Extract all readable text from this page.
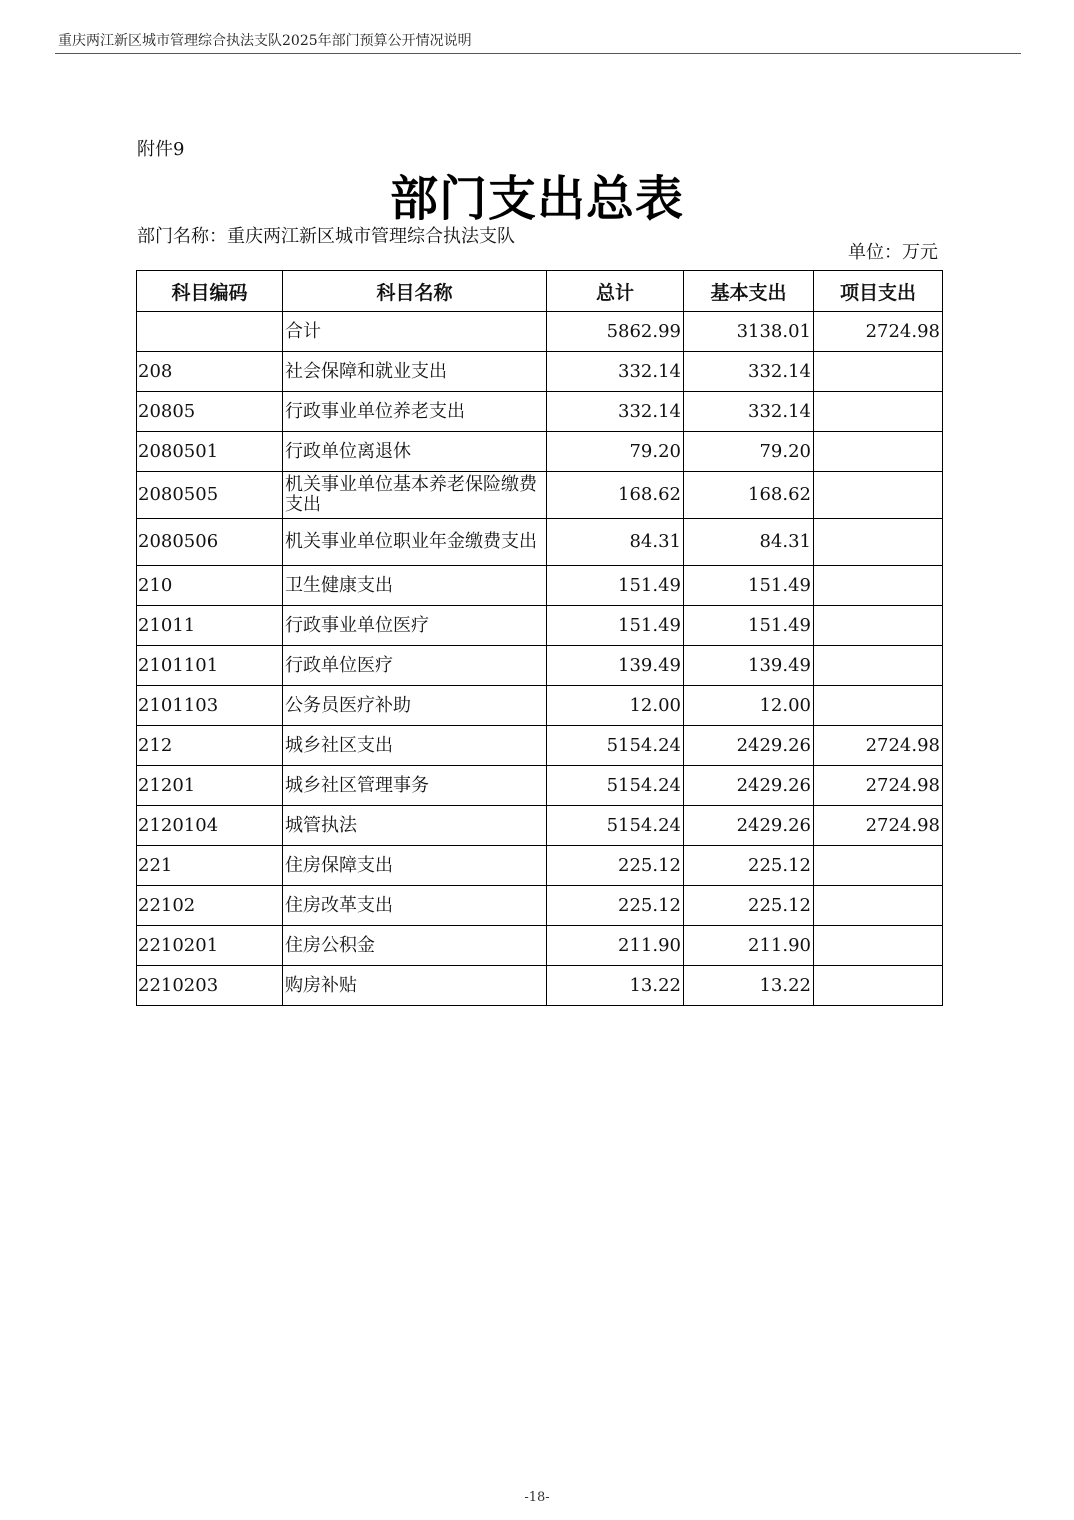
重庆两江新区城市管理综合执法支队2025年部门预算公开情况说明
附件9
部门支出总表
部门名称：重庆两江新区城市管理综合执法支队
单位：万元
科目编码	科目名称	总计	基本支出	项目支出
	合计	5862.99	3138.01	2724.98
208	社会保障和就业支出	332.14	332.14	
20805	行政事业单位养老支出	332.14	332.14	
2080501	行政单位离退休	79.20	79.20	
2080505	机关事业单位基本养老保险缴费支出	168.62	168.62	
2080506	机关事业单位职业年金缴费支出	84.31	84.31	
210	卫生健康支出	151.49	151.49	
21011	行政事业单位医疗	151.49	151.49	
2101101	行政单位医疗	139.49	139.49	
2101103	公务员医疗补助	12.00	12.00	
212	城乡社区支出	5154.24	2429.26	2724.98
21201	城乡社区管理事务	5154.24	2429.26	2724.98
2120104	城管执法	5154.24	2429.26	2724.98
221	住房保障支出	225.12	225.12	
22102	住房改革支出	225.12	225.12	
2210201	住房公积金	211.90	211.90	
2210203	购房补贴	13.22	13.22	
-18-
